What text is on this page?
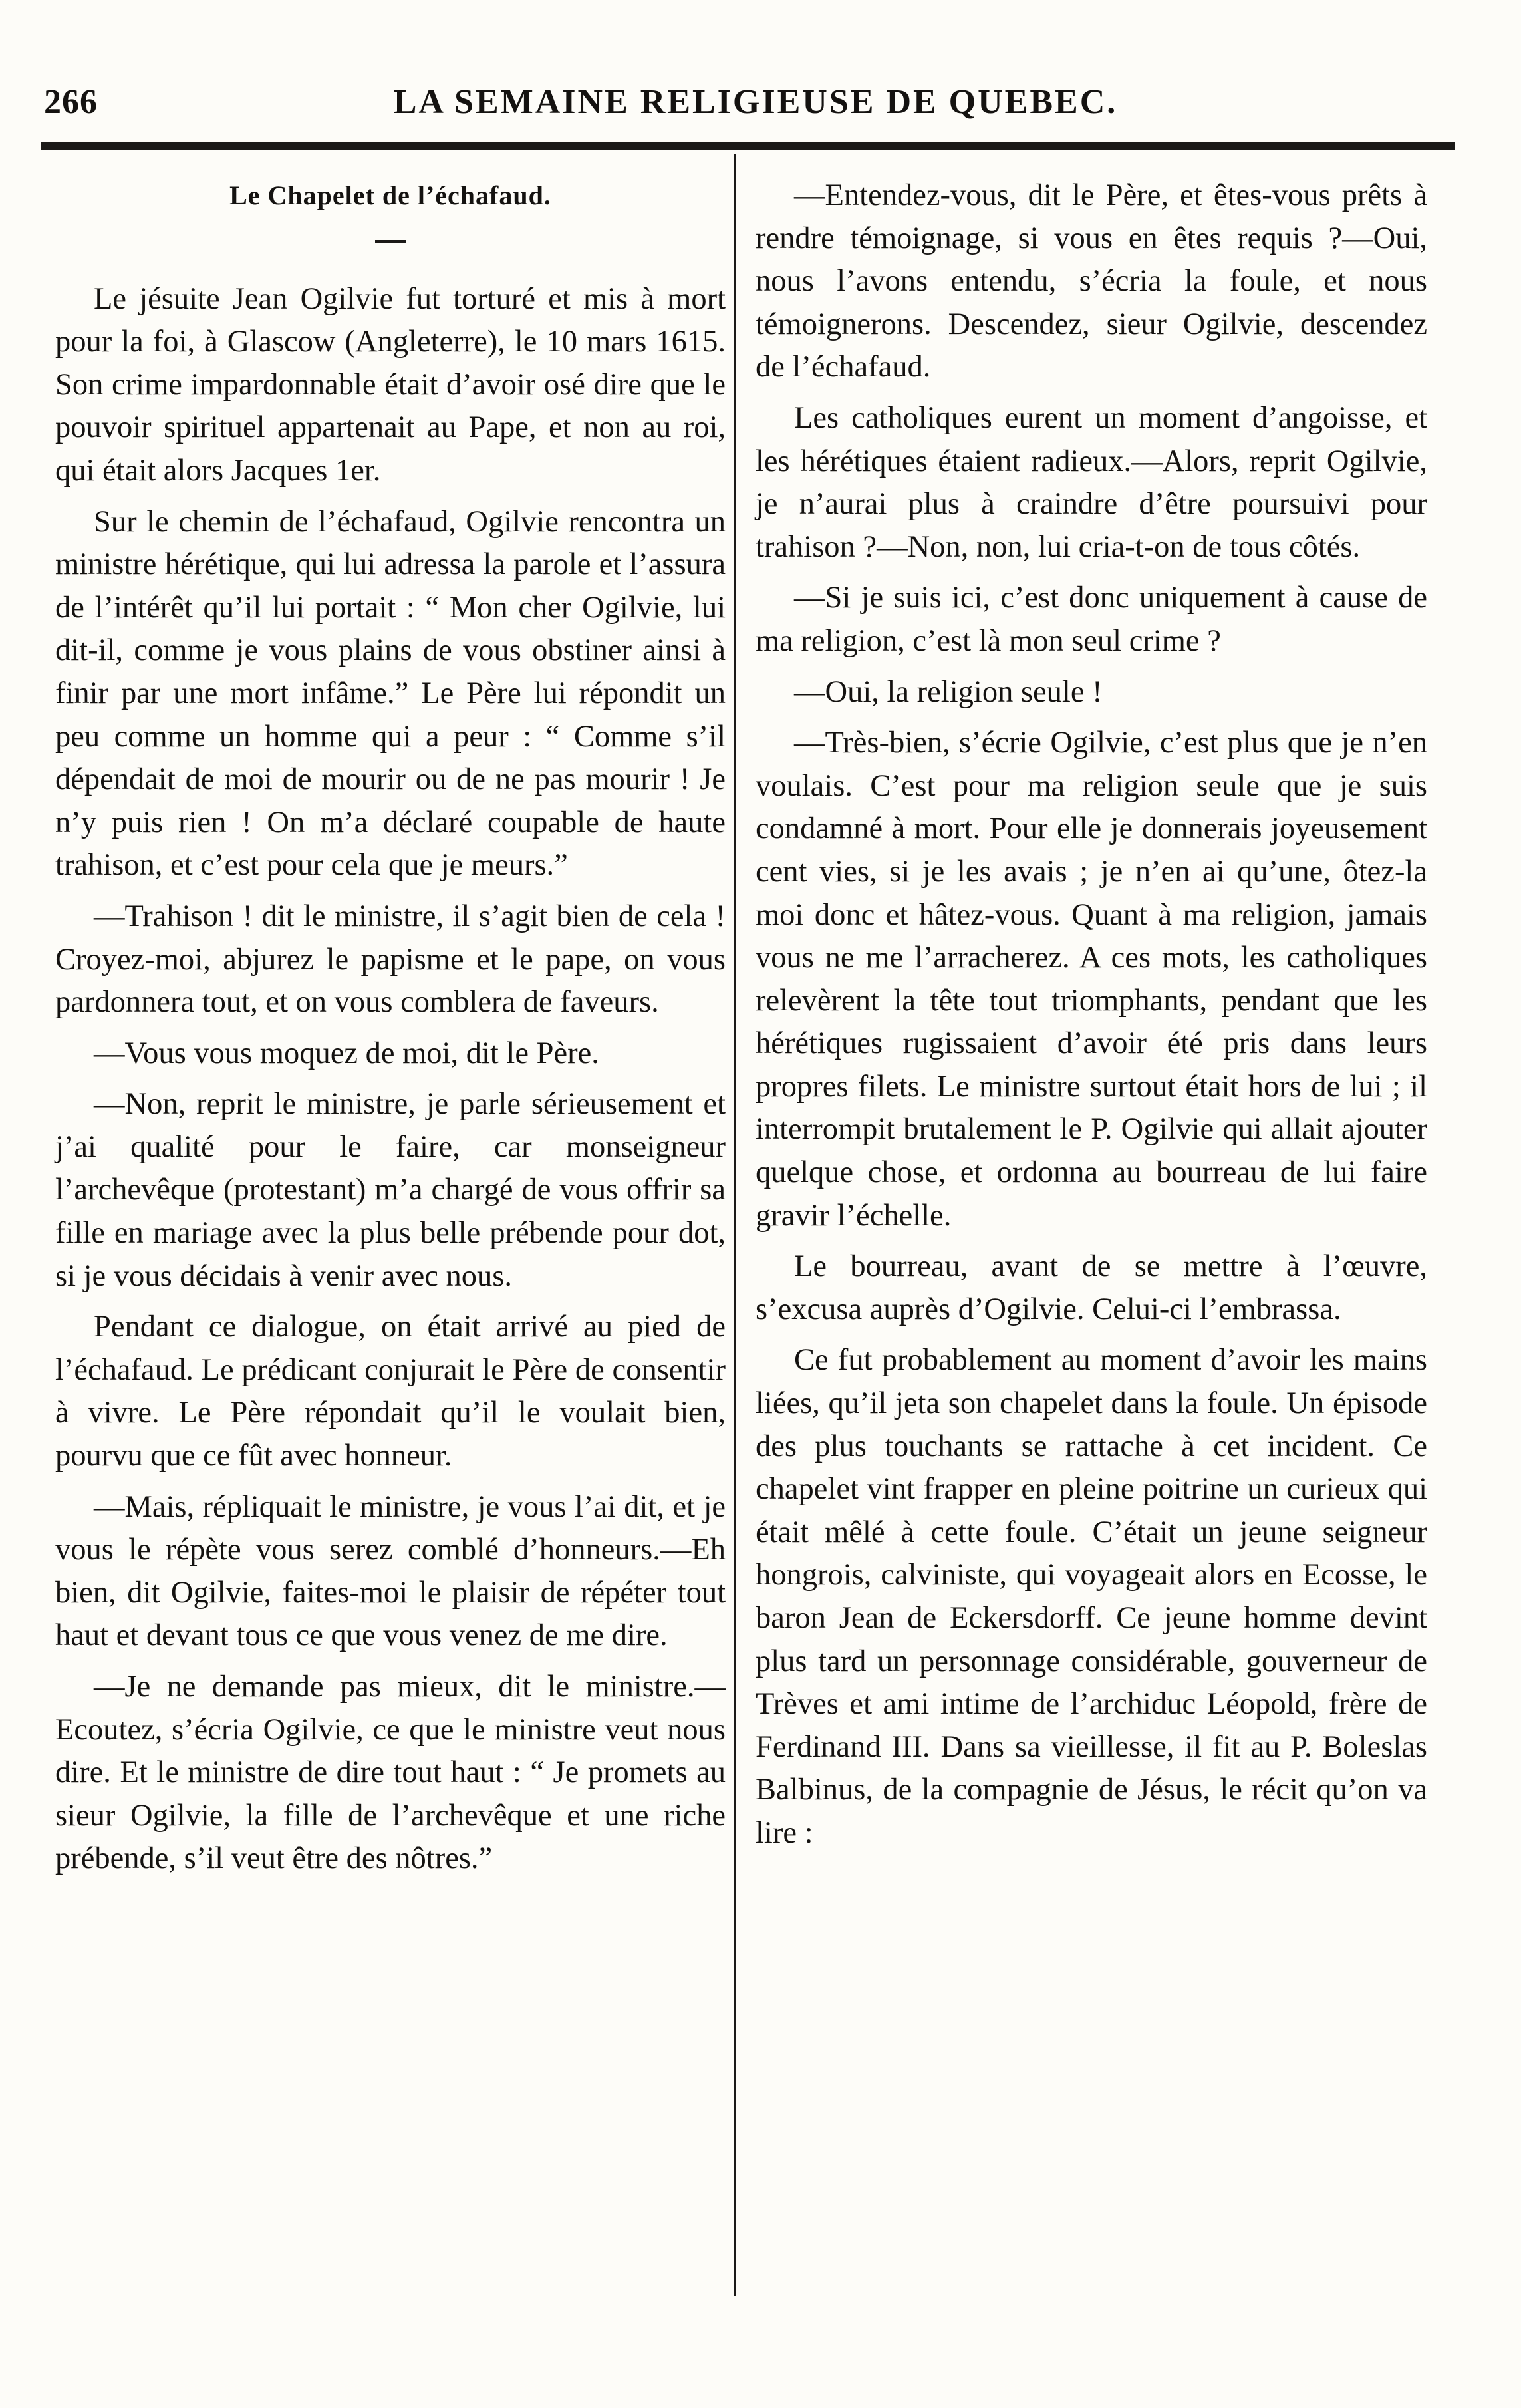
266	LA SEMAINE RELIGIEUSE DE QUEBEC.

Le Chapelet de l’échafaud.

Le jésuite Jean Ogilvie fut torturé et mis à mort pour la foi, à Glascow (Angleterre), le 10 mars 1615. Son crime impardonnable était d’avoir osé dire que le pouvoir spirituel appartenait au Pape, et non au roi, qui était alors Jacques 1er.

Sur le chemin de l’échafaud, Ogilvie rencontra un ministre hérétique, qui lui adressa la parole et l’assura de l’intérêt qu’il lui portait : “ Mon cher Ogilvie, lui dit-il, comme je vous plains de vous obstiner ainsi à finir par une mort infâme.” Le Père lui répondit un peu comme un homme qui a peur : “ Comme s’il dépendait de moi de mourir ou de ne pas mourir ! Je n’y puis rien ! On m’a déclaré coupable de haute trahison, et c’est pour cela que je meurs.”

—Trahison ! dit le ministre, il s’agit bien de cela ! Croyez-moi, abjurez le papisme et le pape, on vous pardonnera tout, et on vous comblera de faveurs.

—Vous vous moquez de moi, dit le Père.

—Non, reprit le ministre, je parle sérieusement et j’ai qualité pour le faire, car monseigneur l’archevêque (protestant) m’a chargé de vous offrir sa fille en mariage avec la plus belle prébende pour dot, si je vous décidais à venir avec nous.

Pendant ce dialogue, on était arrivé au pied de l’échafaud. Le prédicant conjurait le Père de consentir à vivre. Le Père répondait qu’il le voulait bien, pourvu que ce fût avec honneur.

—Mais, répliquait le ministre, je vous l’ai dit, et je vous le répète vous serez comblé d’honneurs.—Eh bien, dit Ogilvie, faites-moi le plaisir de répéter tout haut et devant tous ce que vous venez de me dire.

—Je ne demande pas mieux, dit le ministre.—Ecoutez, s’écria Ogilvie, ce que le ministre veut nous dire. Et le ministre de dire tout haut : “ Je promets au sieur Ogilvie, la fille de l’archevêque et une riche prébende, s’il veut être des nôtres.”

—Entendez-vous, dit le Père, et êtes-vous prêts à rendre témoignage, si vous en êtes requis ?—Oui, nous l’avons entendu, s’écria la foule, et nous témoignerons. Descendez, sieur Ogilvie, descendez de l’échafaud.

Les catholiques eurent un moment d’angoisse, et les hérétiques étaient radieux.—Alors, reprit Ogilvie, je n’aurai plus à craindre d’être poursuivi pour trahison ?—Non, non, lui cria-t-on de tous côtés.

—Si je suis ici, c’est donc uniquement à cause de ma religion, c’est là mon seul crime ?

—Oui, la religion seule !

—Très-bien, s’écrie Ogilvie, c’est plus que je n’en voulais. C’est pour ma religion seule que je suis condamné à mort. Pour elle je donnerais joyeusement cent vies, si je les avais ; je n’en ai qu’une, ôtez-la moi donc et hâtez-vous. Quant à ma religion, jamais vous ne me l’arracherez. A ces mots, les catholiques relevèrent la tête tout triomphants, pendant que les hérétiques rugissaient d’avoir été pris dans leurs propres filets. Le ministre surtout était hors de lui ; il interrompit brutalement le P. Ogilvie qui allait ajouter quelque chose, et ordonna au bourreau de lui faire gravir l’échelle.

Le bourreau, avant de se mettre à l’œuvre, s’excusa auprès d’Ogilvie. Celui-ci l’embrassa.

Ce fut probablement au moment d’avoir les mains liées, qu’il jeta son chapelet dans la foule. Un épisode des plus touchants se rattache à cet incident. Ce chapelet vint frapper en pleine poitrine un curieux qui était mêlé à cette foule. C’était un jeune seigneur hongrois, calviniste, qui voyageait alors en Ecosse, le baron Jean de Eckersdorff. Ce jeune homme devint plus tard un personnage considérable, gouverneur de Trèves et ami intime de l’archiduc Léopold, frère de Ferdinand III. Dans sa vieillesse, il fit au P. Boleslas Balbinus, de la compagnie de Jésus, le récit qu’on va lire :
